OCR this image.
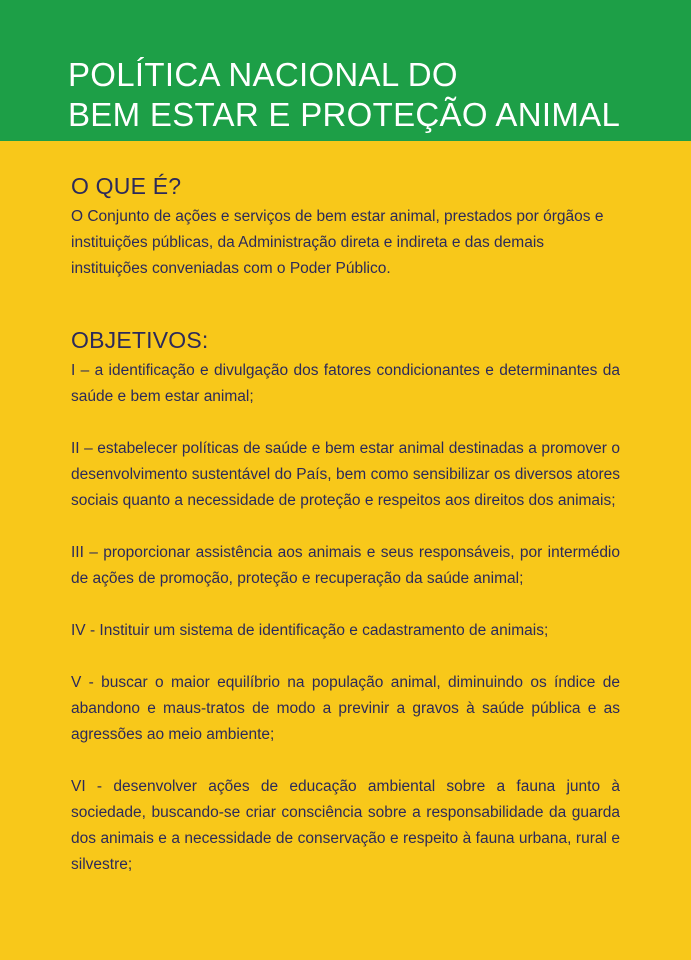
POLÍTICA NACIONAL DO
BEM ESTAR E PROTEÇÃO ANIMAL
O QUE É?

O Conjunto de ações e serviços de bem estar animal, prestados por órgãos e instituições públicas, da Administração direta e indireta e das demais instituições conveniadas com o Poder Público.

OBJETIVOS:
I – a identificação e divulgação dos fatores condicionantes e determinantes da saúde e bem estar animal;
II – estabelecer políticas de saúde e bem estar animal destinadas a promover o desenvolvimento sustentável do País, bem como sensibilizar os diversos atores sociais quanto a necessidade de proteção e respeitos aos direitos dos animais;
III – proporcionar assistência aos animais e seus responsáveis, por intermédio de ações de promoção, proteção e recuperação da saúde animal;
IV - Instituir um sistema de identificação e cadastramento de animais;
V - buscar o maior equilíbrio na população animal, diminuindo os índice de abandono e maus-tratos de modo a previnir a gravos à saúde pública e as agressões ao meio ambiente;
VI - desenvolver ações de educação ambiental sobre a fauna junto à sociedade, buscando-se criar consciência sobre a responsabilidade da guarda dos animais e a necessidade de conservação e respeito à fauna urbana, rural e silvestre;
